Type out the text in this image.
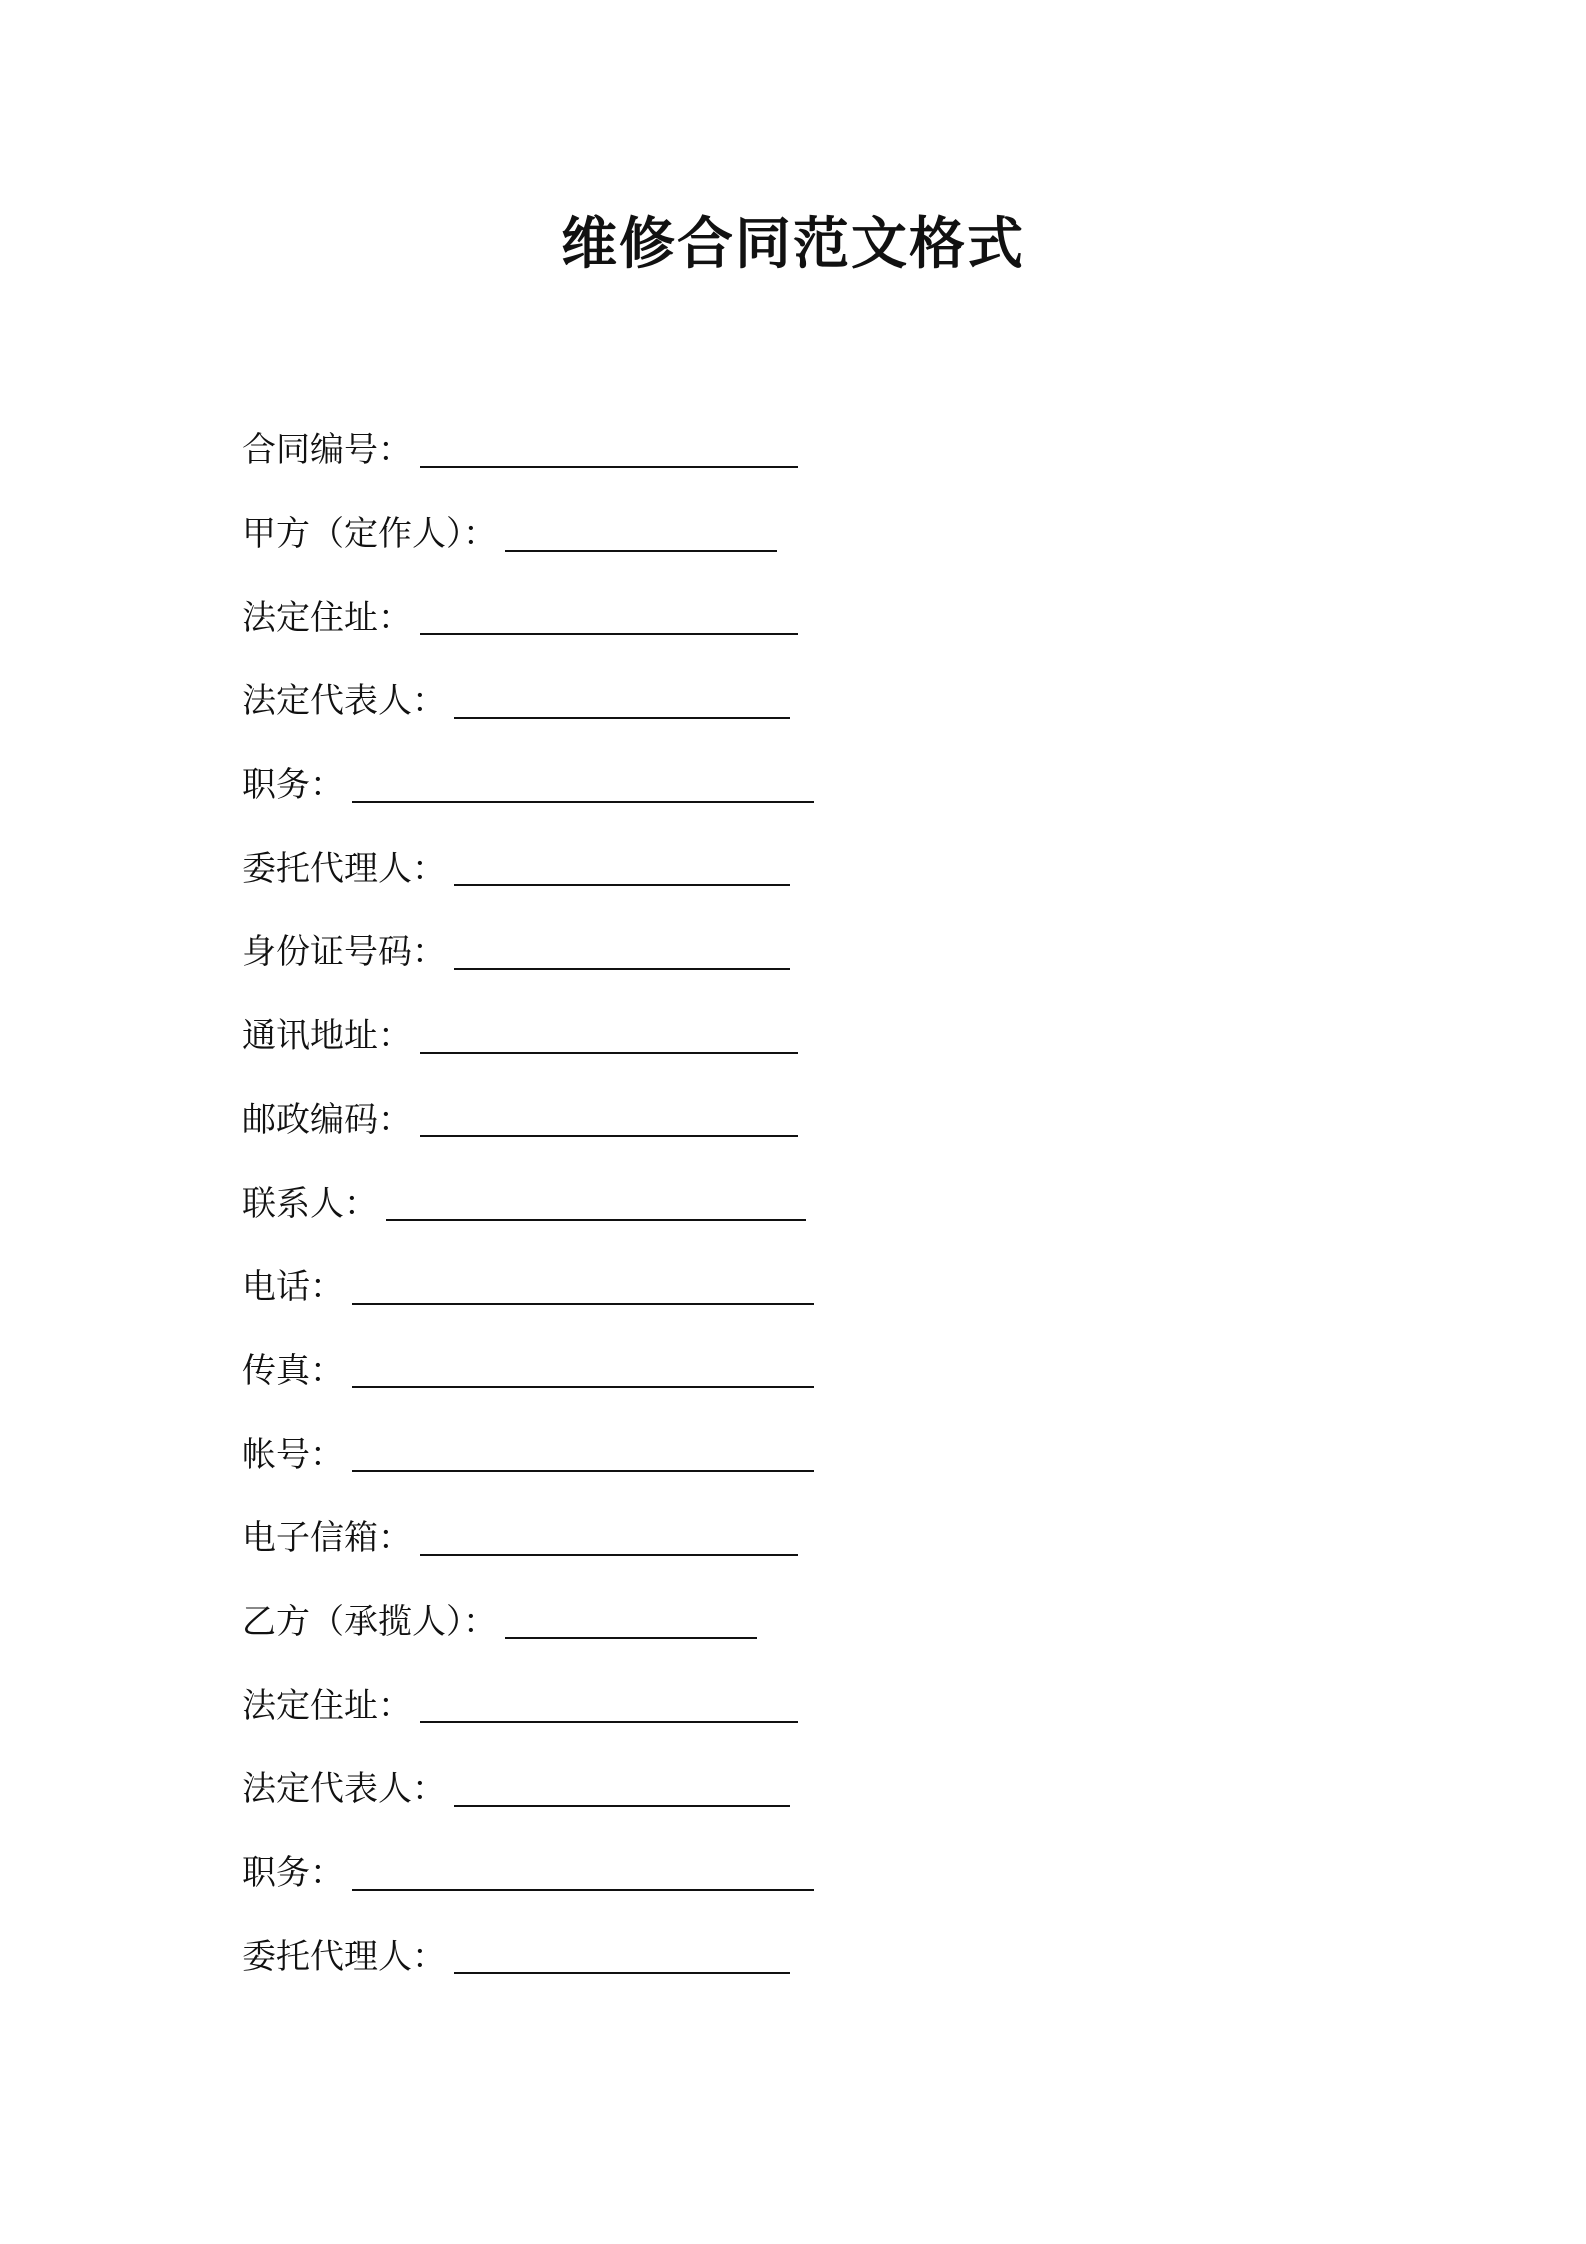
维修合同范文格式
合同编号：
甲方（定作人）：
法定住址：
法定代表人：
职务：
委托代理人：
身份证号码：
通讯地址：
邮政编码：
联系人：
电话：
传真：
帐号：
电子信箱：
乙方（承揽人）：
法定住址：
法定代表人：
职务：
委托代理人：
